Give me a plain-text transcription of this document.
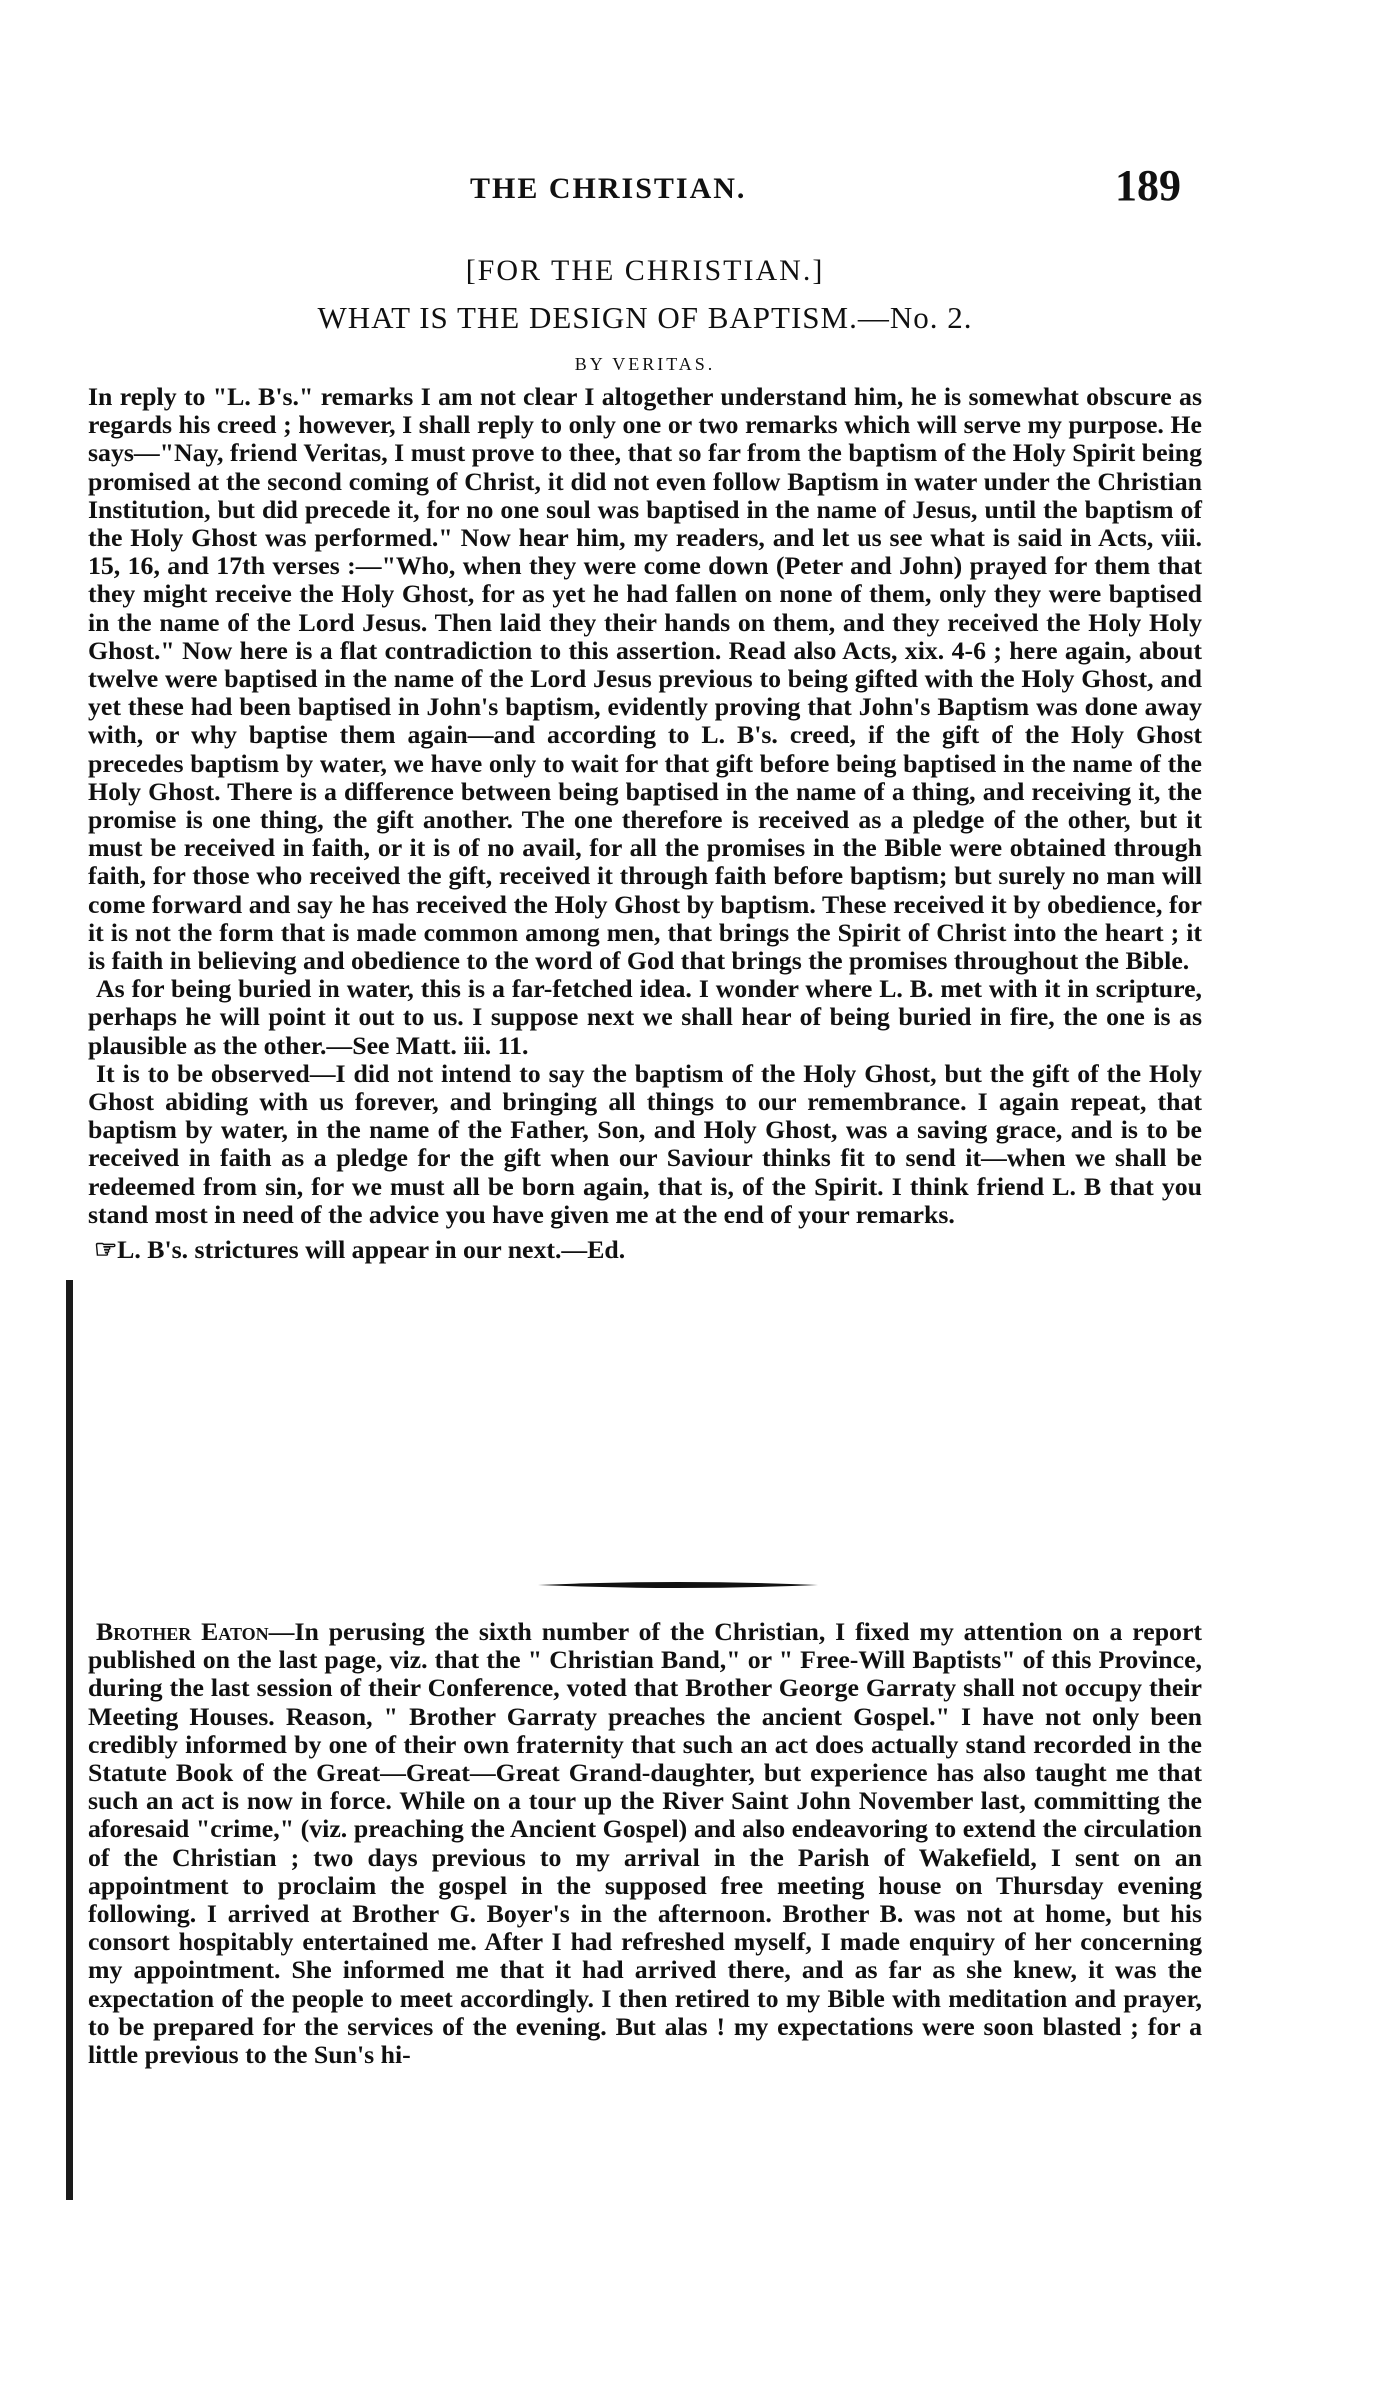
THE CHRISTIAN.	189
[FOR THE CHRISTIAN.]
WHAT IS THE DESIGN OF BAPTISM.—No. 2.
BY VERITAS.

In reply to "L. B's." remarks I am not clear I altogether understand him, he is somewhat obscure as regards his creed ; however, I shall reply to only one or two remarks which will serve my purpose. He says—"Nay, friend Veritas, I must prove to thee, that so far from the baptism of the Holy Spirit being promised at the second coming of Christ, it did not even follow Baptism in water under the Christian Institution, but did precede it, for no one soul was baptised in the name of Jesus, until the baptism of the Holy Ghost was performed." Now hear him, my readers, and let us see what is said in Acts, viii. 15, 16, and 17th verses :—"Who, when they were come down (Peter and John) prayed for them that they might receive the Holy Ghost, for as yet he had fallen on none of them, only they were baptised in the name of the Lord Jesus. Then laid they their hands on them, and they received the Holy Holy Ghost." Now here is a flat contradiction to this assertion. Read also Acts, xix. 4-6 ; here again, about twelve were baptised in the name of the Lord Jesus previous to being gifted with the Holy Ghost, and yet these had been baptised in John's baptism, evidently proving that John's Baptism was done away with, or why baptise them again—and according to L. B's. creed, if the gift of the Holy Ghost precedes baptism by water, we have only to wait for that gift before being baptised in the name of the Holy Ghost. There is a difference between being baptised in the name of a thing, and receiving it, the promise is one thing, the gift another. The one therefore is received as a pledge of the other, but it must be received in faith, or it is of no avail, for all the promises in the Bible were obtained through faith, for those who received the gift, received it through faith before baptism; but surely no man will come forward and say he has received the Holy Ghost by baptism. These received it by obedience, for it is not the form that is made common among men, that brings the Spirit of Christ into the heart ; it is faith in believing and obedience to the word of God that brings the promises throughout the Bible.

As for being buried in water, this is a far-fetched idea. I wonder where L. B. met with it in scripture, perhaps he will point it out to us. I suppose next we shall hear of being buried in fire, the one is as plausible as the other.—See Matt. iii. 11.

It is to be observed—I did not intend to say the baptism of the Holy Ghost, but the gift of the Holy Ghost abiding with us forever, and bringing all things to our remembrance. I again repeat, that baptism by water, in the name of the Father, Son, and Holy Ghost, was a saving grace, and is to be received in faith as a pledge for the gift when our Saviour thinks fit to send it—when we shall be redeemed from sin, for we must all be born again, that is, of the Spirit. I think friend L. B that you stand most in need of the advice you have given me at the end of your remarks.

☞L. B's. strictures will appear in our next.—Ed.

Brother Eaton—In perusing the sixth number of the Christian, I fixed my attention on a report published on the last page, viz. that the " Christian Band," or " Free-Will Baptists" of this Province, during the last session of their Conference, voted that Brother George Garraty shall not occupy their Meeting Houses. Reason, " Brother Garraty preaches the ancient Gospel." I have not only been credibly informed by one of their own fraternity that such an act does actually stand recorded in the Statute Book of the Great—Great—Great Grand-daughter, but experience has also taught me that such an act is now in force. While on a tour up the River Saint John November last, committing the aforesaid "crime," (viz. preaching the Ancient Gospel) and also endeavoring to extend the circulation of the Christian ; two days previous to my arrival in the Parish of Wakefield, I sent on an appointment to proclaim the gospel in the supposed free meeting house on Thursday evening following. I arrived at Brother G. Boyer's in the afternoon. Brother B. was not at home, but his consort hospitably entertained me. After I had refreshed myself, I made enquiry of her concerning my appointment. She informed me that it had arrived there, and as far as she knew, it was the expectation of the people to meet accordingly. I then retired to my Bible with meditation and prayer, to be prepared for the services of the evening. But alas ! my expectations were soon blasted ; for a little previous to the Sun's hi-
